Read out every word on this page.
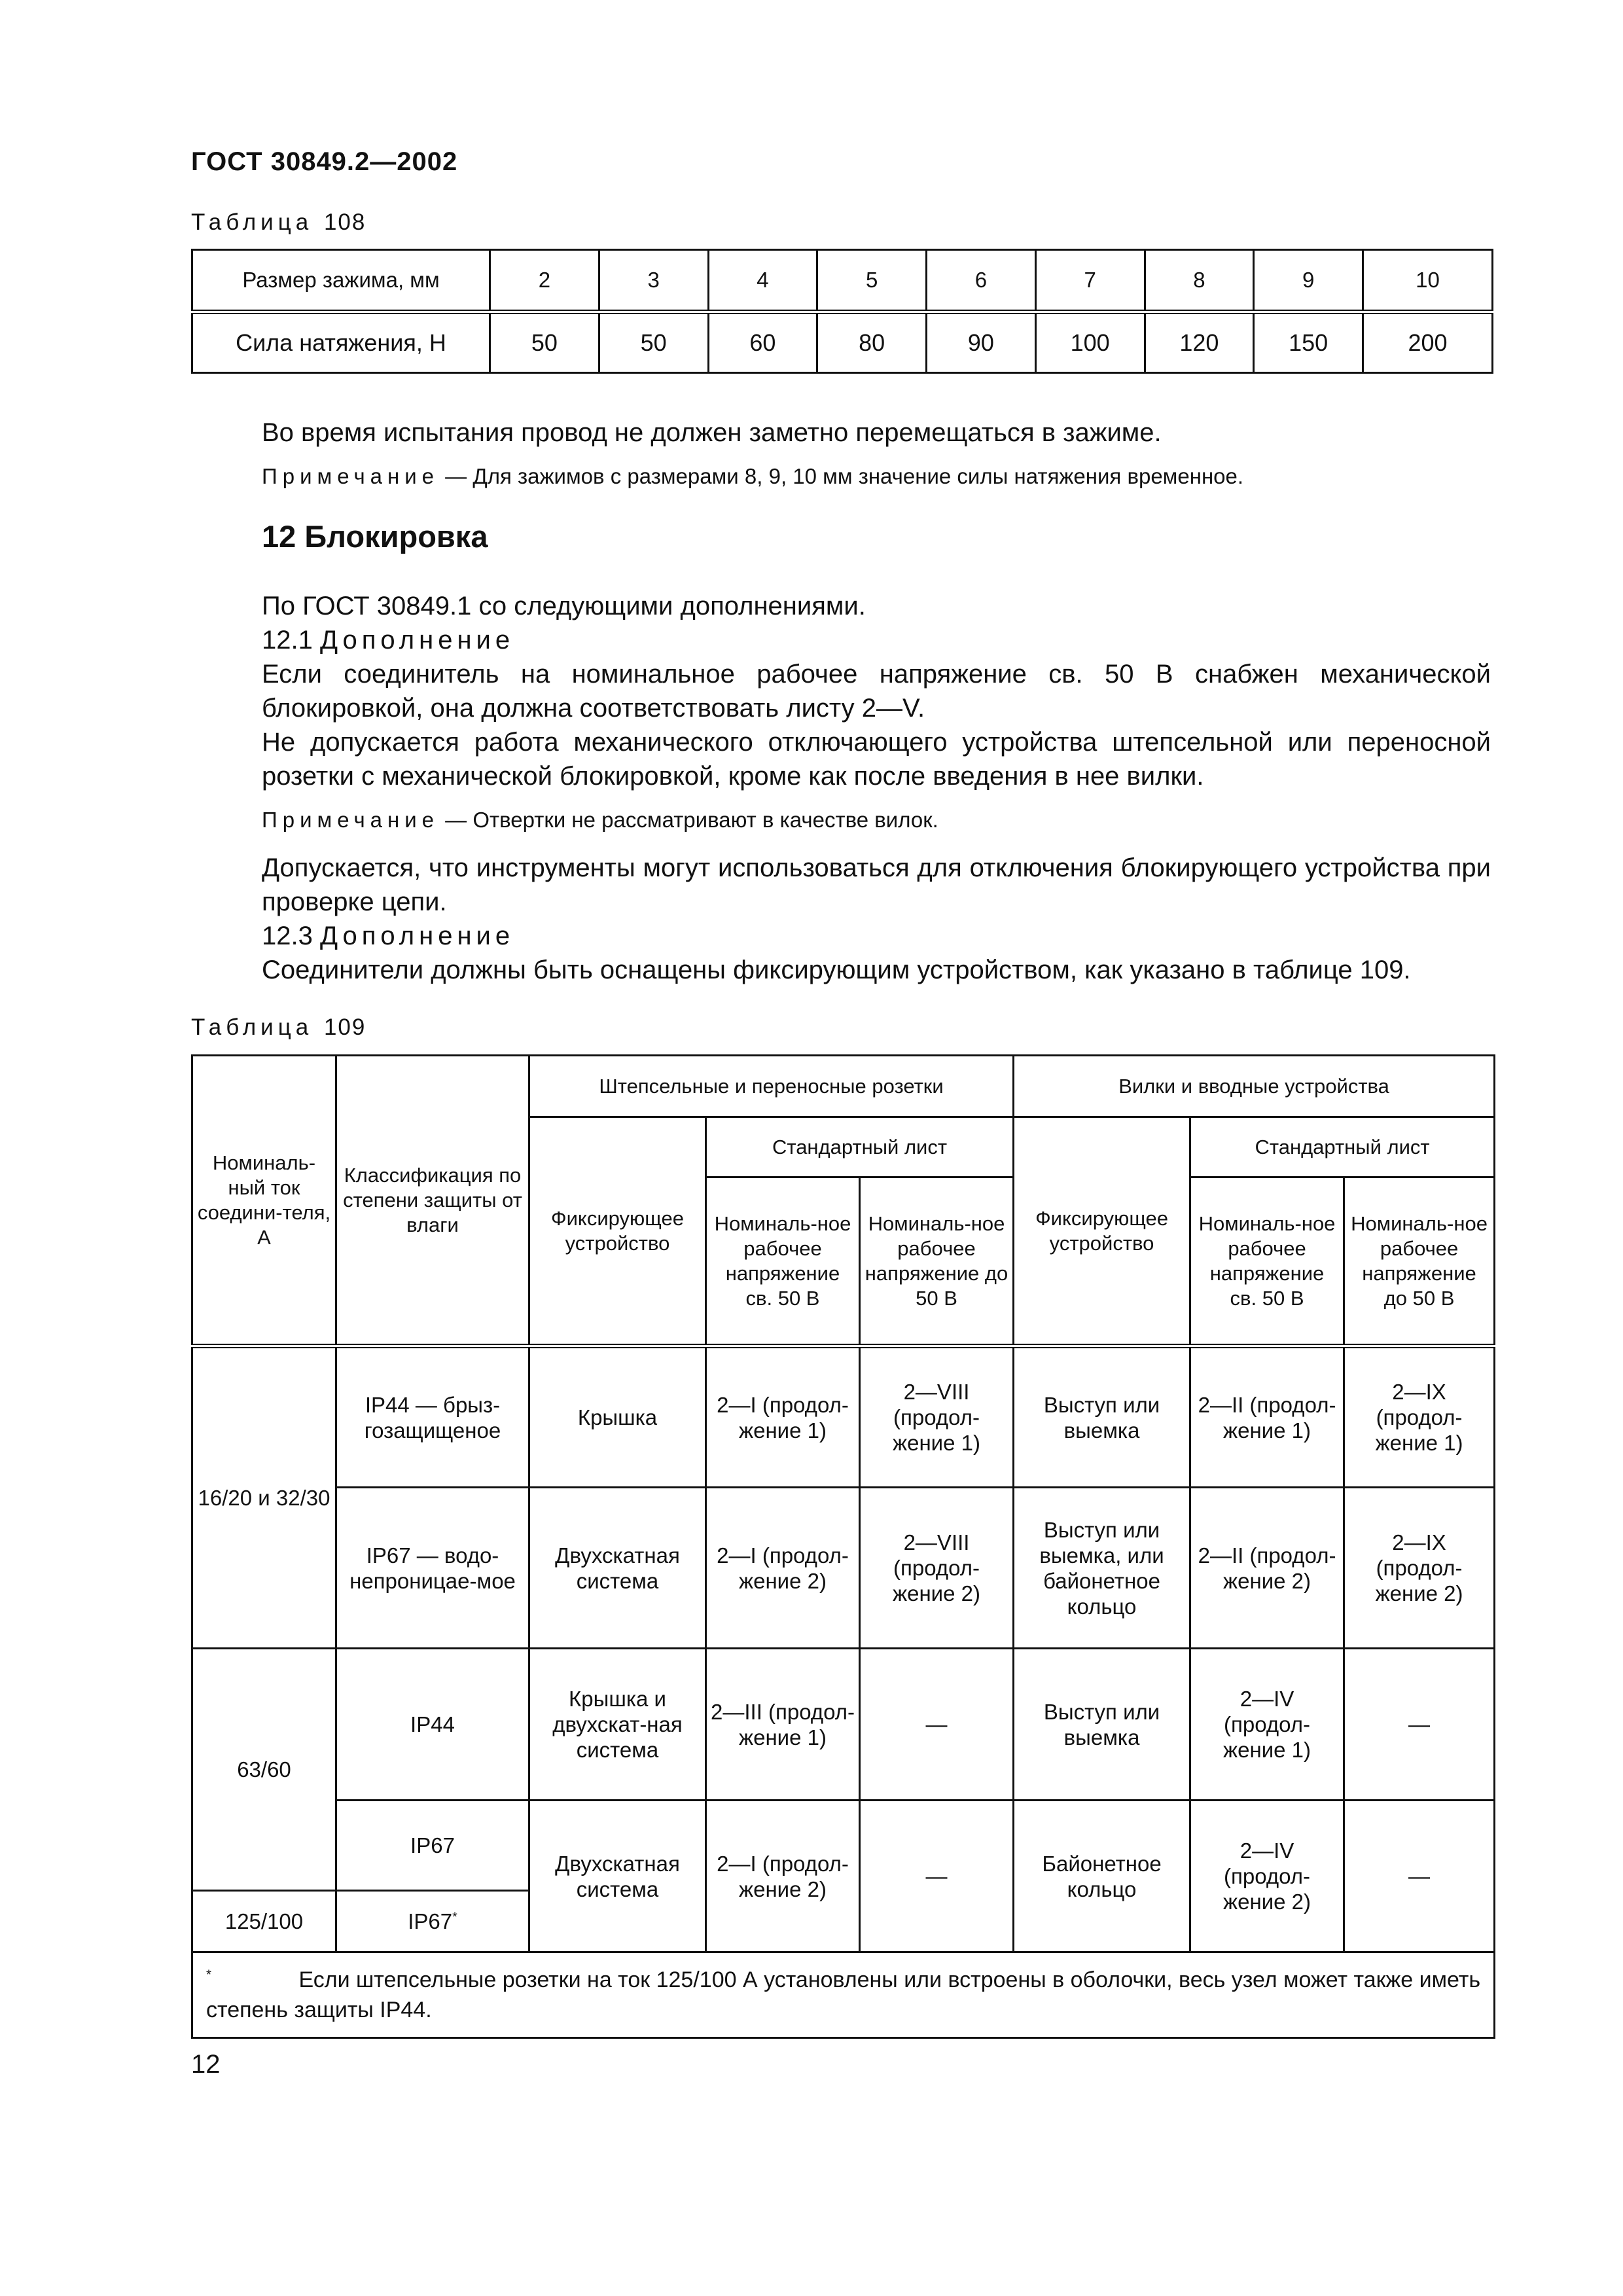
ГОСТ 30849.2—2002
Таблица 108
Размер зажима, мм	2	3	4	5	6	7	8	9	10
Сила натяжения, Н	50	50	60	80	90	100	120	150	200
Во время испытания провод не должен заметно перемещаться в зажиме.
Примечание — Для зажимов с размерами 8, 9, 10 мм значение силы натяжения временное.
12 Блокировка
По ГОСТ 30849.1 со следующими дополнениями.
12.1 Дополнение
Если соединитель на номинальное рабочее напряжение св. 50 В снабжен механической блокировкой, она должна соответствовать листу 2—V.
Не допускается работа механического отключающего устройства штепсельной или переносной розетки с механической блокировкой, кроме как после введения в нее вилки.
Примечание — Отвертки не рассматривают в качестве вилок.
Допускается, что инструменты могут использоваться для отключения блокирующего устройства при проверке цепи.
12.3 Дополнение
Соединители должны быть оснащены фиксирующим устройством, как указано в таблице 109.
Таблица 109
Номиналь-ный ток соедини-теля, А	Классификация по степени защиты от влаги	Штепсельные и переносные розетки			Вилки и вводные устройства		
		Фиксирующее устройство	Стандартный лист		Фиксирующее устройство	Стандартный лист	
			Номиналь-ное рабочее напряжение св. 50 В	Номиналь-ное рабочее напряжение до 50 В		Номиналь-ное рабочее напряжение св. 50 В	Номиналь-ное рабочее напряжение до 50 В
16/20 и 32/30	IP44 — брыз-гозащищеное	Крышка	2—I (продол-жение 1)	2—VIII (продол-жение 1)	Выступ или выемка	2—II (продол-жение 1)	2—IX (продол-жение 1)
	IP67 — водо-непроницае-мое	Двухскатная система	2—I (продол-жение 2)	2—VIII (продол-жение 2)	Выступ или выемка, или байонетное кольцо	2—II (продол-жение 2)	2—IX (продол-жение 2)
63/60	IP44	Крышка и двухскат-ная система	2—III (продол-жение 1)	—	Выступ или выемка	2—IV (продол-жение 1)	—
	IP67	Двухскатная система	2—I (продол-жение 2)	—	Байонетное кольцо	2—IV (продол-жение 2)	—
125/100	IP67*
* Если штепсельные розетки на ток 125/100 А установлены или встроены в оболочки, весь узел может также иметь степень защиты IP44.							
12
